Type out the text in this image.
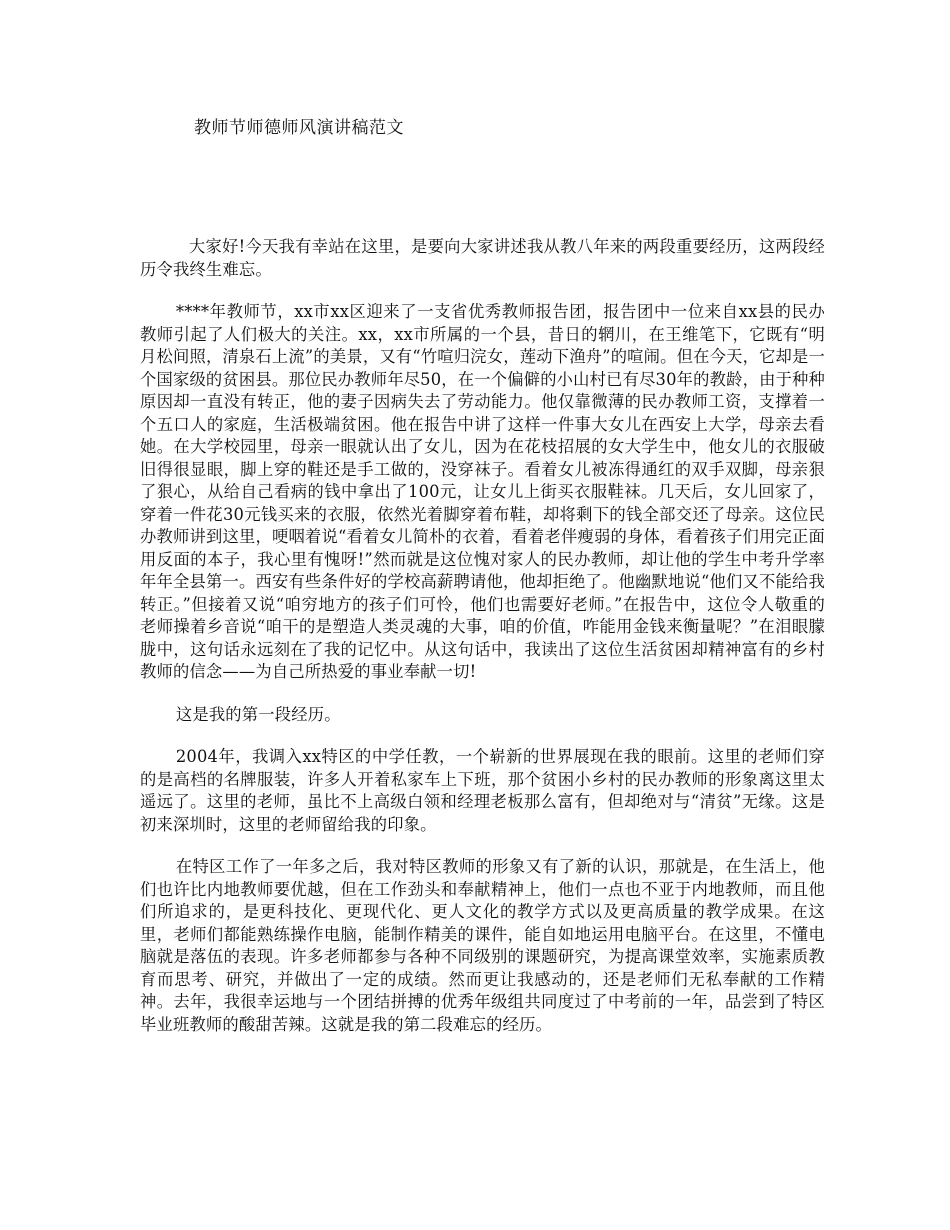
教师节师德师风演讲稿范文

大家好!今天我有幸站在这里，是要向大家讲述我从教八年来的两段重要经历，这两段经历令我终生难忘。

****年教师节，xx市xx区迎来了一支省优秀教师报告团，报告团中一位来自xx县的民办教师引起了人们极大的关注。xx，xx市所属的一个县，昔日的辋川，在王维笔下，它既有“明月松间照，清泉石上流”的美景，又有“竹喧归浣女，莲动下渔舟”的喧闹。但在今天，它却是一个国家级的贫困县。那位民办教师年尽50，在一个偏僻的小山村已有尽30年的教龄，由于种种原因却一直没有转正，他的妻子因病失去了劳动能力。他仅靠微薄的民办教师工资，支撑着一个五口人的家庭，生活极端贫困。他在报告中讲了这样一件事大女儿在西安上大学，母亲去看她。在大学校园里，母亲一眼就认出了女儿，因为在花枝招展的女大学生中，他女儿的衣服破旧得很显眼，脚上穿的鞋还是手工做的，没穿袜子。看着女儿被冻得通红的双手双脚，母亲狠了狠心，从给自己看病的钱中拿出了100元，让女儿上街买衣服鞋袜。几天后，女儿回家了，穿着一件花30元钱买来的衣服，依然光着脚穿着布鞋，却将剩下的钱全部交还了母亲。这位民办教师讲到这里，哽咽着说“看着女儿简朴的衣着，看着老伴瘦弱的身体，看着孩子们用完正面用反面的本子，我心里有愧呀!”然而就是这位愧对家人的民办教师，却让他的学生中考升学率年年全县第一。西安有些条件好的学校高薪聘请他，他却拒绝了。他幽默地说“他们又不能给我转正。”但接着又说“咱穷地方的孩子们可怜，他们也需要好老师。”在报告中，这位令人敬重的老师操着乡音说“咱干的是塑造人类灵魂的大事，咱的价值，咋能用金钱来衡量呢？”在泪眼朦胧中，这句话永远刻在了我的记忆中。从这句话中，我读出了这位生活贫困却精神富有的乡村教师的信念——为自己所热爱的事业奉献一切!

这是我的第一段经历。

2004年，我调入xx特区的中学任教，一个崭新的世界展现在我的眼前。这里的老师们穿的是高档的名牌服装，许多人开着私家车上下班，那个贫困小乡村的民办教师的形象离这里太遥远了。这里的老师，虽比不上高级白领和经理老板那么富有，但却绝对与“清贫”无缘。这是初来深圳时，这里的老师留给我的印象。

在特区工作了一年多之后，我对特区教师的形象又有了新的认识，那就是，在生活上，他们也许比内地教师要优越，但在工作劲头和奉献精神上，他们一点也不亚于内地教师，而且他们所追求的，是更科技化、更现代化、更人文化的教学方式以及更高质量的教学成果。在这里，老师们都能熟练操作电脑，能制作精美的课件，能自如地运用电脑平台。在这里，不懂电脑就是落伍的表现。许多老师都参与各种不同级别的课题研究，为提高课堂效率，实施素质教育而思考、研究，并做出了一定的成绩。然而更让我感动的，还是老师们无私奉献的工作精神。去年，我很幸运地与一个团结拼搏的优秀年级组共同度过了中考前的一年，品尝到了特区毕业班教师的酸甜苦辣。这就是我的第二段难忘的经历。
